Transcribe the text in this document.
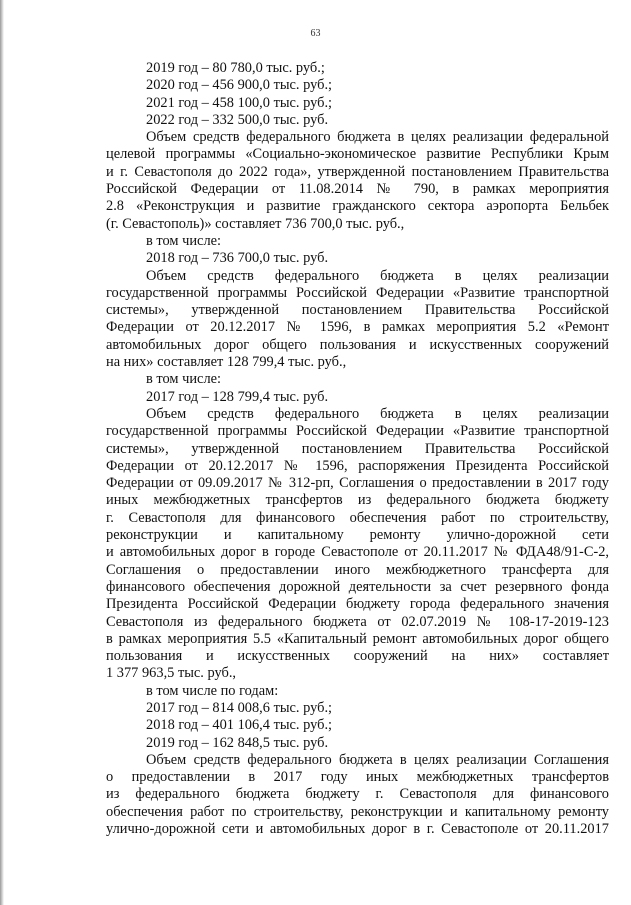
63
2019 год – 80 780,0 тыс. руб.;
2020 год – 456 900,0 тыс. руб.;
2021 год – 458 100,0 тыс. руб.;
2022 год – 332 500,0 тыс. руб.
Объем средств федерального бюджета в целях реализации федеральной
целевой программы «Социально-экономическое развитие Республики Крым
и г. Севастополя до 2022 года», утвержденной постановлением Правительства
Российской Федерации от 11.08.2014 № 790, в рамках мероприятия
2.8 «Реконструкция и развитие гражданского сектора аэропорта Бельбек
(г. Севастополь)» составляет 736 700,0 тыс. руб.,
в том числе:
2018 год – 736 700,0 тыс. руб.
Объем средств федерального бюджета в целях реализации
государственной программы Российской Федерации «Развитие транспортной
системы», утвержденной постановлением Правительства Российской
Федерации от 20.12.2017 № 1596, в рамках мероприятия 5.2 «Ремонт
автомобильных дорог общего пользования и искусственных сооружений
на них» составляет 128 799,4 тыс. руб.,
в том числе:
2017 год – 128 799,4 тыс. руб.
Объем средств федерального бюджета в целях реализации
государственной программы Российской Федерации «Развитие транспортной
системы», утвержденной постановлением Правительства Российской
Федерации от 20.12.2017 № 1596, распоряжения Президента Российской
Федерации от 09.09.2017 № 312-рп, Соглашения о предоставлении в 2017 году
иных межбюджетных трансфертов из федерального бюджета бюджету
г. Севастополя для финансового обеспечения работ по строительству,
реконструкции и капитальному ремонту улично-дорожной сети
и автомобильных дорог в городе Севастополе от 20.11.2017 № ФДА48/91-С-2,
Соглашения о предоставлении иного межбюджетного трансферта для
финансового обеспечения дорожной деятельности за счет резервного фонда
Президента Российской Федерации бюджету города федерального значения
Севастополя из федерального бюджета от 02.07.2019 № 108-17-2019-123
в рамках мероприятия 5.5 «Капитальный ремонт автомобильных дорог общего
пользования и искусственных сооружений на них» составляет
1 377 963,5 тыс. руб.,
в том числе по годам:
2017 год – 814 008,6 тыс. руб.;
2018 год – 401 106,4 тыс. руб.;
2019 год – 162 848,5 тыс. руб.
Объем средств федерального бюджета в целях реализации Соглашения
о предоставлении в 2017 году иных межбюджетных трансфертов
из федерального бюджета бюджету г. Севастополя для финансового
обеспечения работ по строительству, реконструкции и капитальному ремонту
улично-дорожной сети и автомобильных дорог в г. Севастополе от 20.11.2017
